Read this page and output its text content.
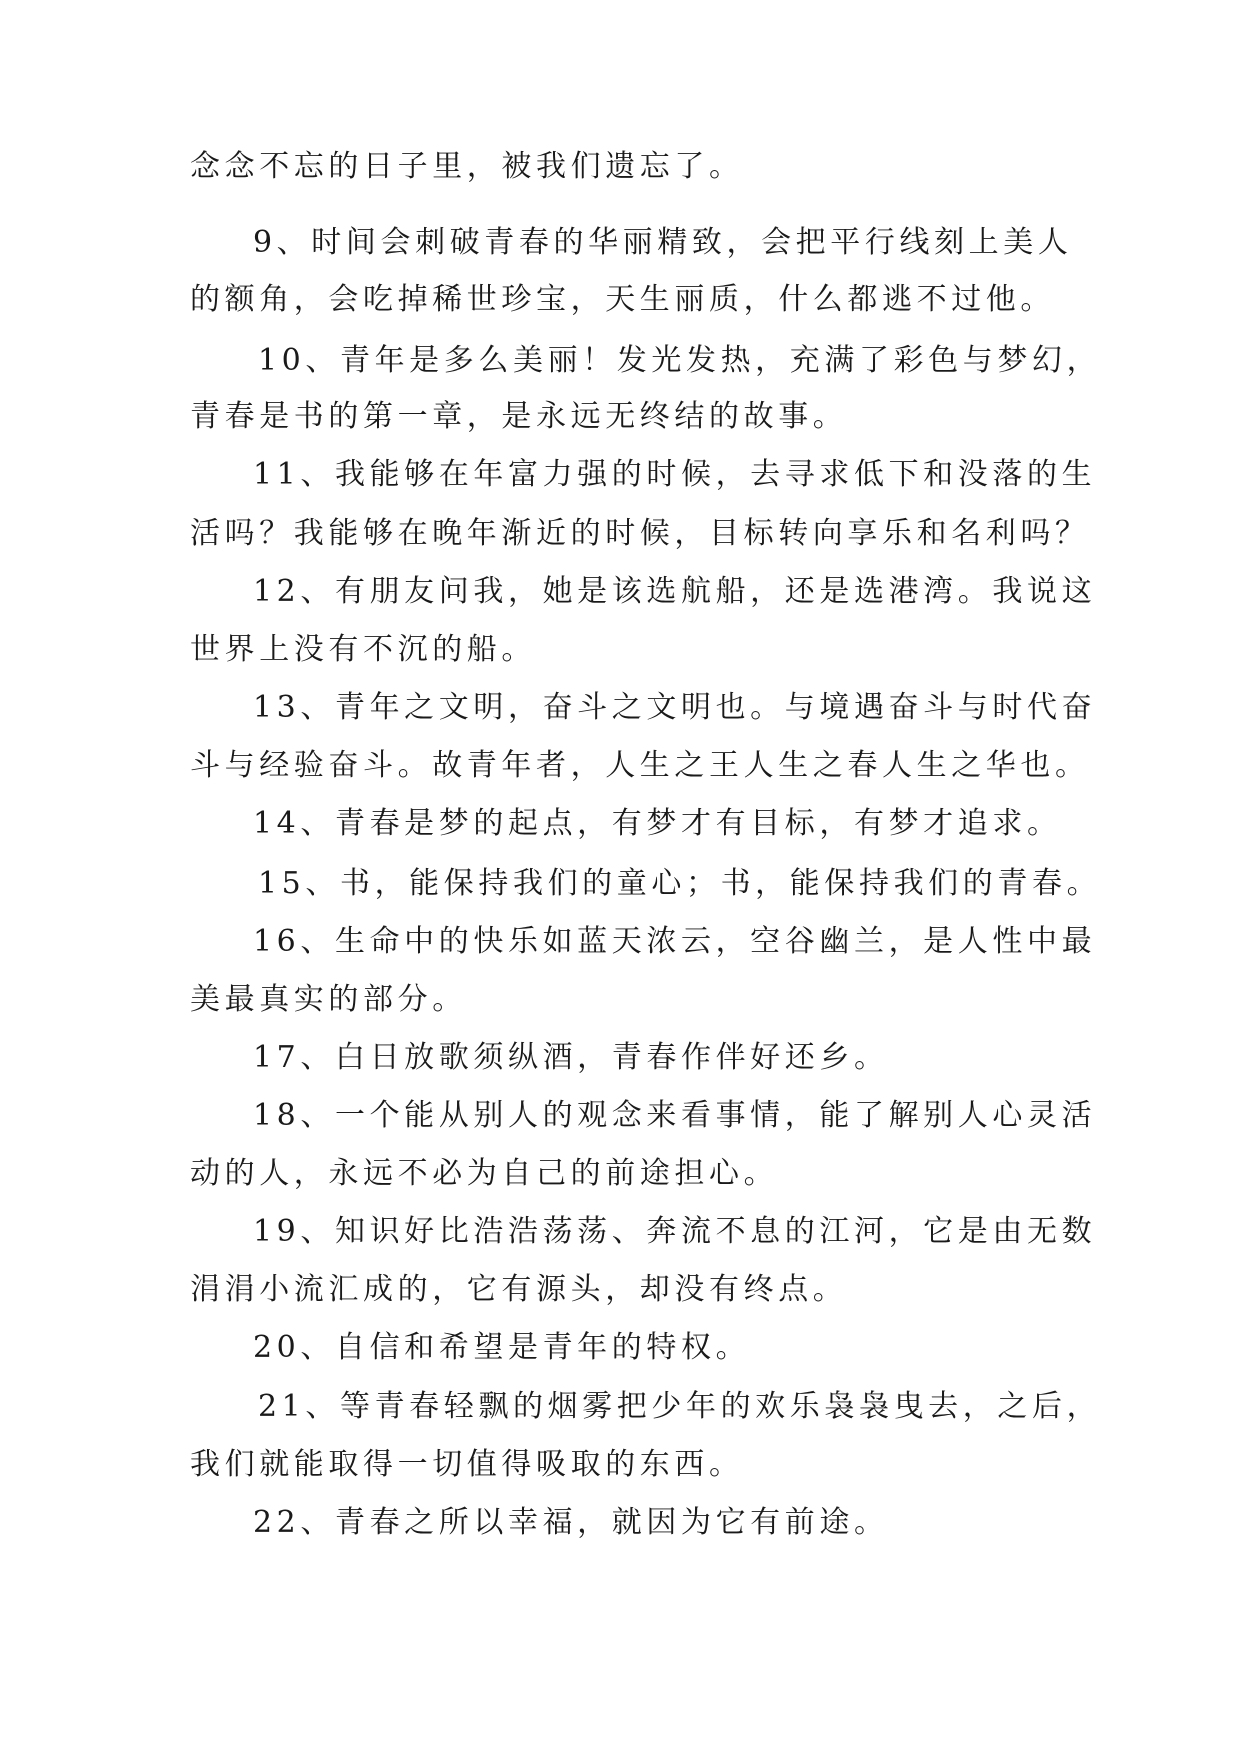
念念不忘的日子里，被我们遗忘了。
9、时间会刺破青春的华丽精致，会把平行线刻上美人
的额角，会吃掉稀世珍宝，天生丽质，什么都逃不过他。
10、青年是多么美丽！发光发热，充满了彩色与梦幻，
青春是书的第一章，是永远无终结的故事。
11、我能够在年富力强的时候，去寻求低下和没落的生
活吗？我能够在晚年渐近的时候，目标转向享乐和名利吗？
12、有朋友问我，她是该选航船，还是选港湾。我说这
世界上没有不沉的船。
13、青年之文明，奋斗之文明也。与境遇奋斗与时代奋
斗与经验奋斗。故青年者，人生之王人生之春人生之华也。
14、青春是梦的起点，有梦才有目标，有梦才追求。
15、书，能保持我们的童心；书，能保持我们的青春。
16、生命中的快乐如蓝天浓云，空谷幽兰，是人性中最
美最真实的部分。
17、白日放歌须纵酒，青春作伴好还乡。
18、一个能从别人的观念来看事情，能了解别人心灵活
动的人，永远不必为自己的前途担心。
19、知识好比浩浩荡荡、奔流不息的江河，它是由无数
涓涓小流汇成的，它有源头，却没有终点。
20、自信和希望是青年的特权。
21、等青春轻飘的烟雾把少年的欢乐袅袅曳去，之后，
我们就能取得一切值得吸取的东西。
22、青春之所以幸福，就因为它有前途。
